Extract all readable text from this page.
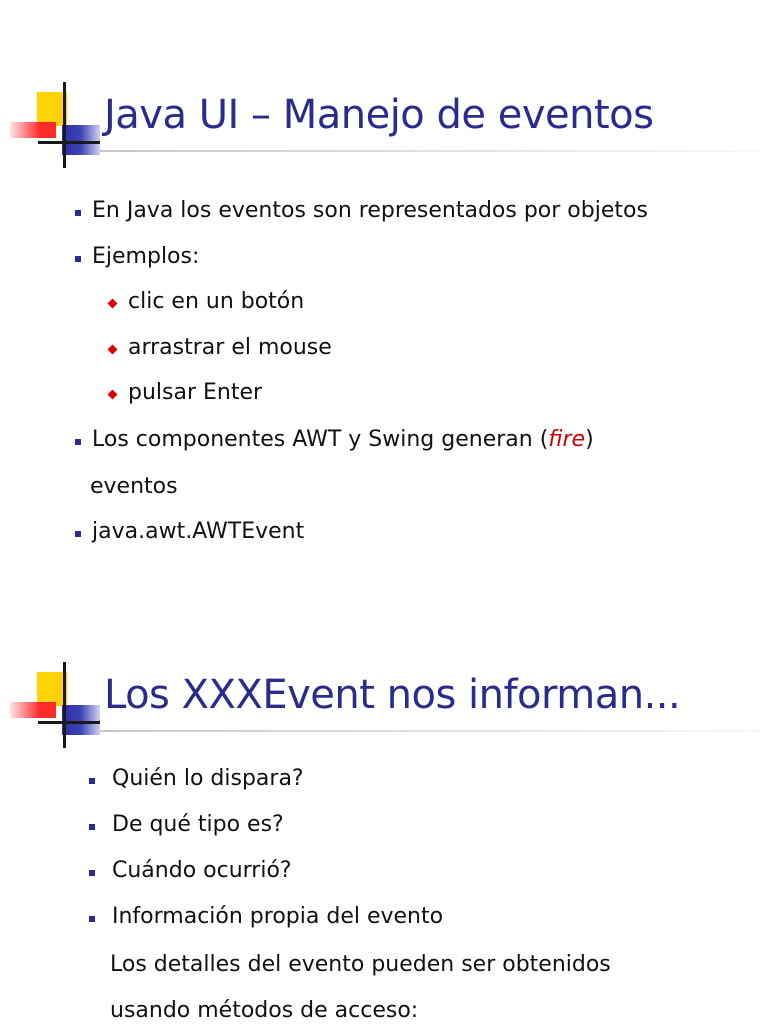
Java UI – Manejo de eventos
En Java los eventos son representados por objetos
Ejemplos:
clic en un botón
arrastrar el mouse
pulsar Enter
Los componentes AWT y Swing generan (fire)
eventos
java.awt.AWTEvent
Los XXXEvent nos informan...
Quién lo dispara?
De qué tipo es?
Cuándo ocurrió?
Información propia del evento
Los detalles del evento pueden ser obtenidos
usando métodos de acceso:
